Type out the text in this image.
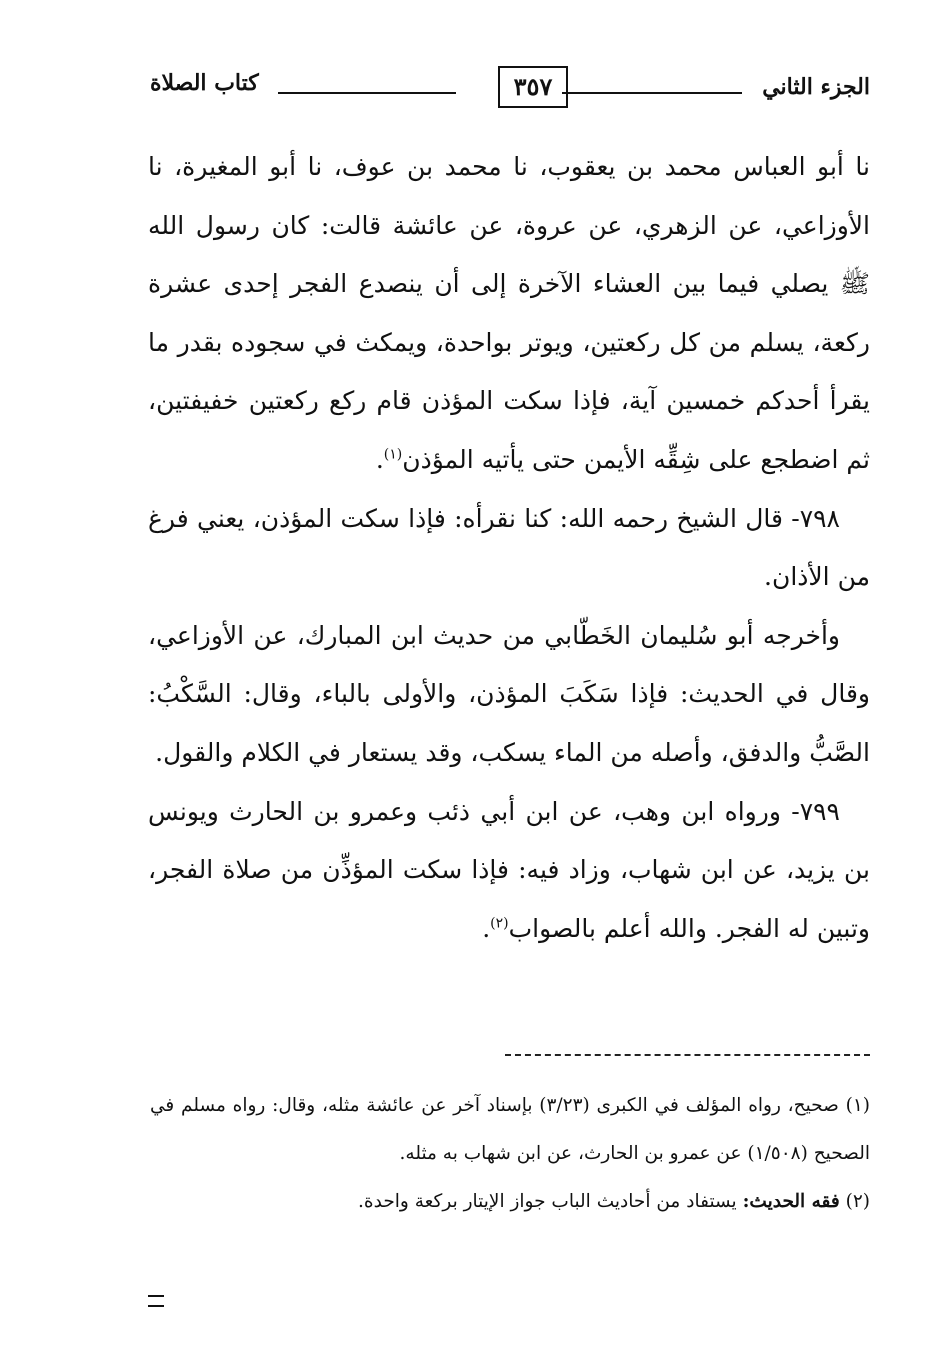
الجزء الثاني
٣٥٧
كتاب الصلاة

نا أبو العباس محمد بن يعقوب، نا محمد بن عوف، نا أبو المغيرة، نا الأوزاعي، عن الزهري، عن عروة، عن عائشة قالت: كان رسول الله ﷺ يصلي فيما بين العشاء الآخرة إلى أن ينصدع الفجر إحدى عشرة ركعة، يسلم من كل ركعتين، ويوتر بواحدة، ويمكث في سجوده بقدر ما يقرأ أحدكم خمسين آية، فإذا سكت المؤذن قام ركع ركعتين خفيفتين، ثم اضطجع على شِقِّه الأيمن حتى يأتيه المؤذن$^{(١)}$.

٧٩٨- قال الشيخ رحمه الله: كنا نقرأه: فإذا سكت المؤذن، يعني فرغ من الأذان.

وأخرجه أبو سُليمان الخَطّابي من حديث ابن المبارك، عن الأوزاعي، وقال في الحديث: فإذا سَكَبَ المؤذن، والأولى بالباء، وقال: السَّكْبُ: الصَّبُّ والدفق، وأصله من الماء يسكب، وقد يستعار في الكلام والقول.

٧٩٩- ورواه ابن وهب، عن ابن أبي ذئب وعمرو بن الحارث ويونس بن يزيد، عن ابن شهاب، وزاد فيه: فإذا سكت المؤذِّن من صلاة الفجر، وتبين له الفجر. والله أعلم بالصواب$^{(٢)}$.

(١) صحيح، رواه المؤلف في الكبرى (٣/٢٣) بإسناد آخر عن عائشة مثله، وقال: رواه مسلم في الصحيح (١/٥٠٨) عن عمرو بن الحارث، عن ابن شهاب به مثله.

(٢) فقه الحديث: يستفاد من أحاديث الباب جواز الإيتار بركعة واحدة.
